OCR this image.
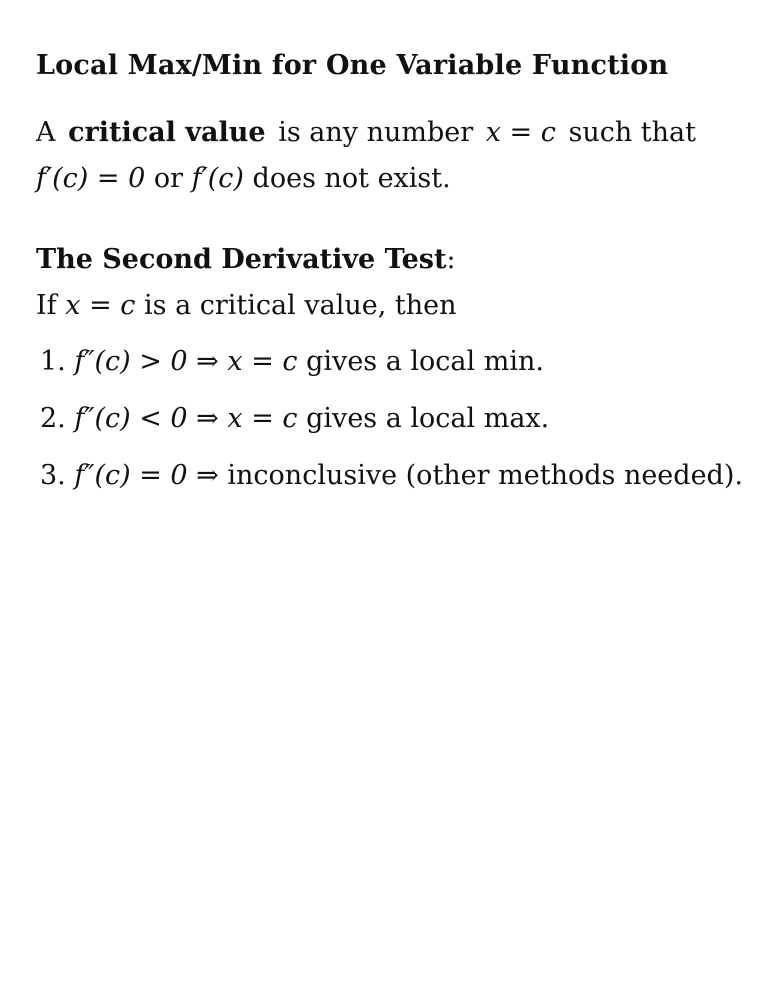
Local Max/Min for One Variable Function
A critical value is any number x = c such that
f′(c) = 0 or f′(c) does not exist.

The Second Derivative Test:

If x = c is a critical value, then

1. f″(c) > 0 ⇒ x = c gives a local min.
2. f″(c) < 0 ⇒ x = c gives a local max.
3. f″(c) = 0 ⇒ inconclusive (other methods needed).
